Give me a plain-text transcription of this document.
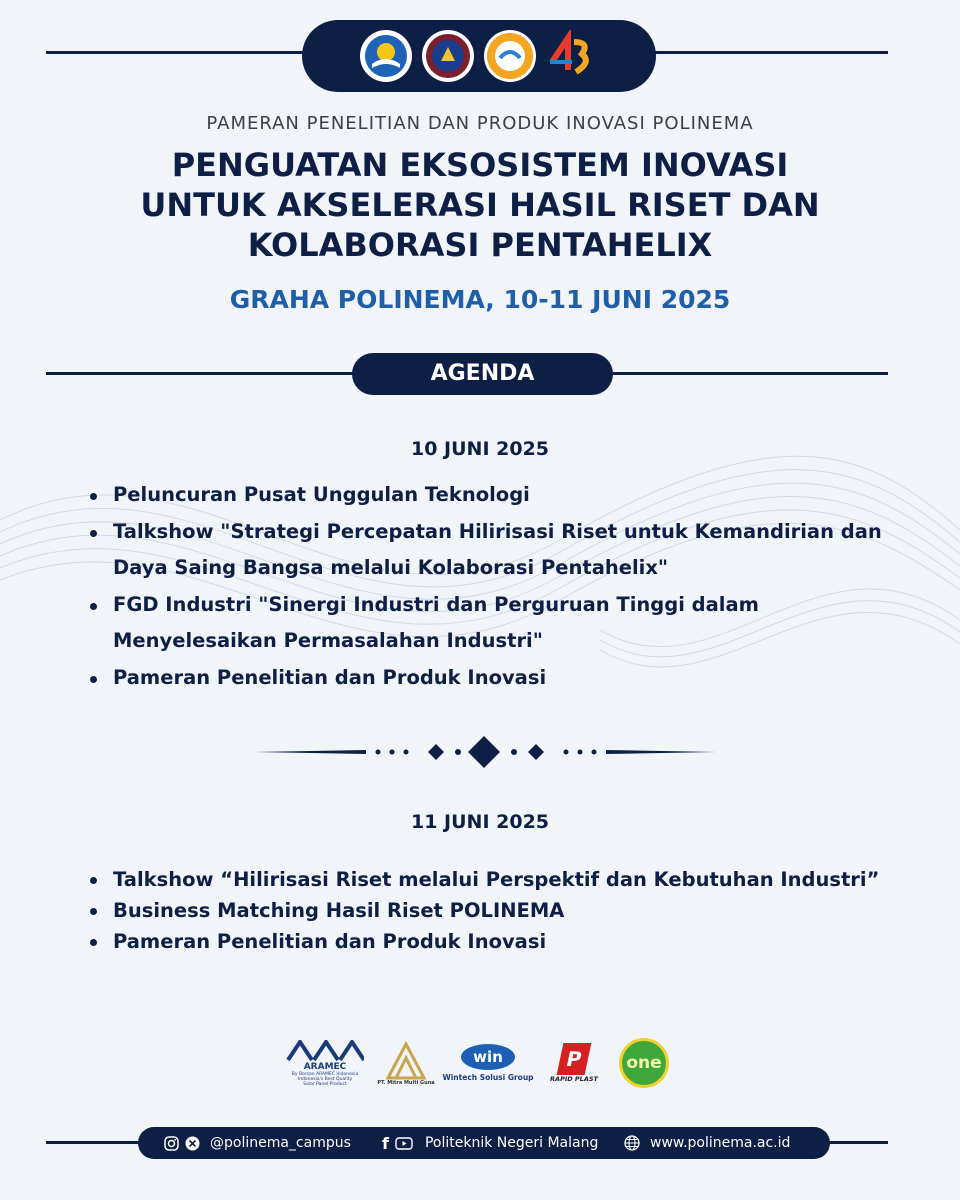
PAMERAN PENELITIAN DAN PRODUK INOVASI POLINEMA
PENGUATAN EKSOSISTEM INOVASI
UNTUK AKSELERASI HASIL RISET DAN
KOLABORASI PENTAHELIX
GRAHA POLINEMA, 10-11 JUNI 2025
AGENDA
10 JUNI 2025
Peluncuran Pusat Unggulan Teknologi
Talkshow "Strategi Percepatan Hilirisasi Riset untuk Kemandirian dan Daya Saing Bangsa melalui Kolaborasi Pentahelix"
FGD Industri "Sinergi Industri dan Perguruan Tinggi dalam Menyelesaikan Permasalahan Industri"
Pameran Penelitian dan Produk Inovasi
11 JUNI 2025
Talkshow “Hilirisasi Riset melalui Perspektif dan Kebutuhan Industri”
Business Matching Hasil Riset POLINEMA
Pameran Penelitian dan Produk Inovasi
ARAMEC
By Borsan ARAMEC Indonesia
Indonesia's Best Quality
Solar Panel Product	PT. Mitra Multi Guna
win
Wintech Solusi Group
P
RAPID PLAST
one
@polinema_campus f	Politeknik Negeri Malang	www.polinema.ac.id
